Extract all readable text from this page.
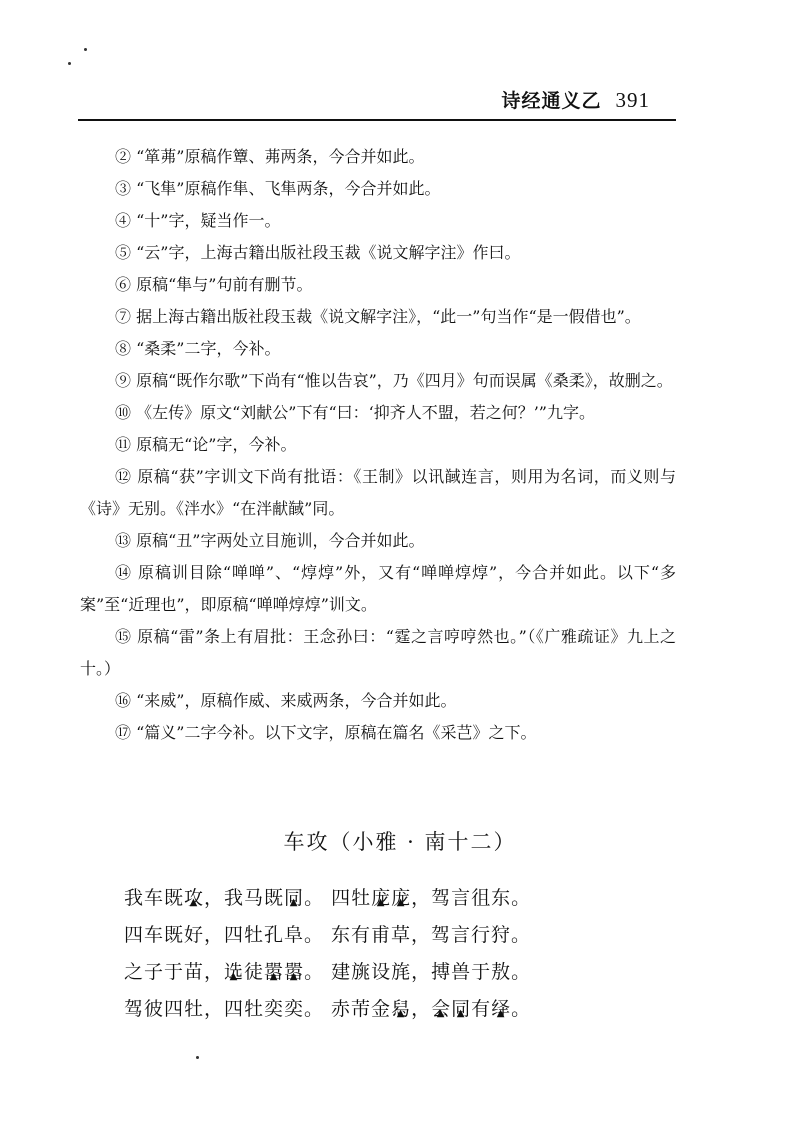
诗经通义乙 391

② “箪茀”原稿作簟、茀两条，今合并如此。

③ “飞隼”原稿作隼、飞隼两条，今合并如此。

④ “十”字，疑当作一。

⑤ “云”字，上海古籍出版社段玉裁《说文解字注》作曰。

⑥ 原稿“隼与”句前有删节。

⑦ 据上海古籍出版社段玉裁《说文解字注》，“此一”句当作“是一假借也”。

⑧ “桑柔”二字，今补。

⑨ 原稿“既作尔歌”下尚有“惟以告哀”，乃《四月》句而误属《桑柔》，故删之。

⑩ 《左传》原文“刘献公”下有“曰：‘抑齐人不盟，若之何？’”九字。

⑪ 原稿无“论”字，今补。

⑫ 原稿“获”字训文下尚有批语：《王制》以讯馘连言，则用为名词，而义则与《诗》无别。《泮水》“在泮献馘”同。

⑬ 原稿“丑”字两处立目施训，今合并如此。

⑭ 原稿训目除“啴啴”、“焞焞”外，又有“啴啴焞焞”，今合并如此。以下“多案”至“近理也”，即原稿“啴啴焞焞”训文。

⑮ 原稿“雷”条上有眉批：王念孙曰：“霆之言哼哼然也。”（《广雅疏证》九上之十。）

⑯ “来威”，原稿作威、来威两条，今合并如此。

⑰ “篇义”二字今补。以下文字，原稿在篇名《采芑》之下。

车攻（小雅 · 南十二）

我车既攻 ▲，我马既同 ▲。 四牡庞 ▲庞 ▲，驾言徂东。

四车既好，四牡孔阜。 东有甫草，驾言行狩。

之子于苗，选 ▲徒嚣 ▲嚣 ▲。 建旐设旄，搏兽于敖。

驾彼四牡，四牡奕奕。 赤芾金舄 ▲，会 ▲同 ▲有绎 ▲。
